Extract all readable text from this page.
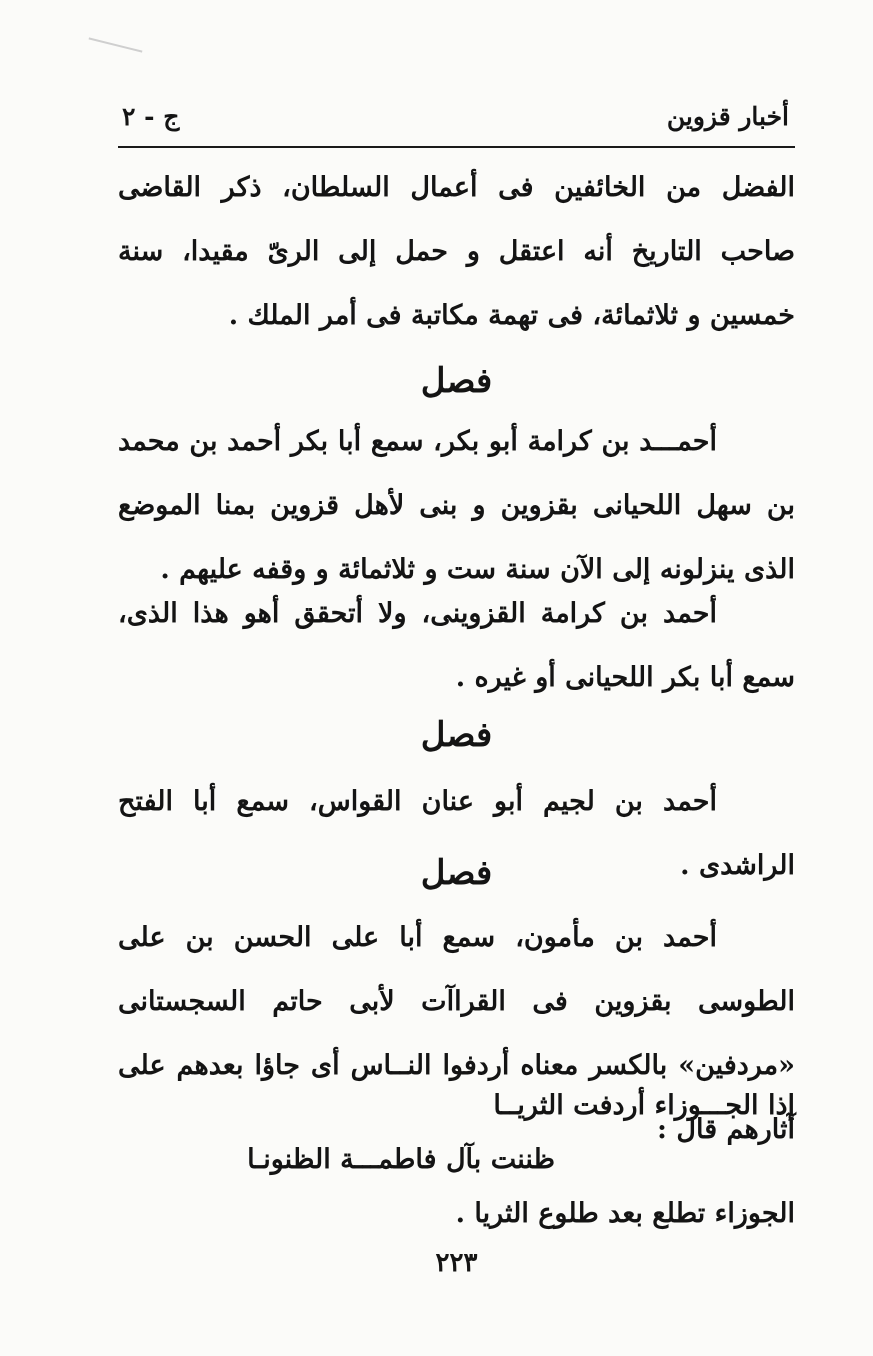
أخبار قزوين
ج - ٢
الفضل من الخائفين فى أعمال السلطان، ذكر القاضى صاحب التاريخ أنه اعتقل و حمل إلى الرىّ مقيدا، سنة خمسين و ثلاثمائة، فى تهمة مكاتبة فى أمر الملك .
فصل
أحمـــد بن كرامة أبو بكر، سمع أبا بكر أحمد بن محمد بن سهل اللحيانى بقزوين و بنى لأهل قزوين بمنا الموضع الذى ينزلونه إلى الآن سنة ست و ثلاثمائة و وقفه عليهم .
أحمد بن كرامة القزوينى، ولا أتحقق أهو هذا الذى، سمع أبا بكر اللحيانى أو غيره .
فصل
أحمد بن لجيم أبو عنان القواس، سمع أبا الفتح الراشدى .
فصل
أحمد بن مأمون، سمع أبا على الحسن بن على الطوسى بقزوين فى القراآت لأبى حاتم السجستانى «مردفين» بالكسر معناه أردفوا النــاس أى جاؤا بعدهم على آثارهم قال :
إذا الجـــوزاء أردفت الثريــا
ظننت بآل فاطمـــة الظنونـا
الجوزاء تطلع بعد طلوع الثريا .
٢٢٣
